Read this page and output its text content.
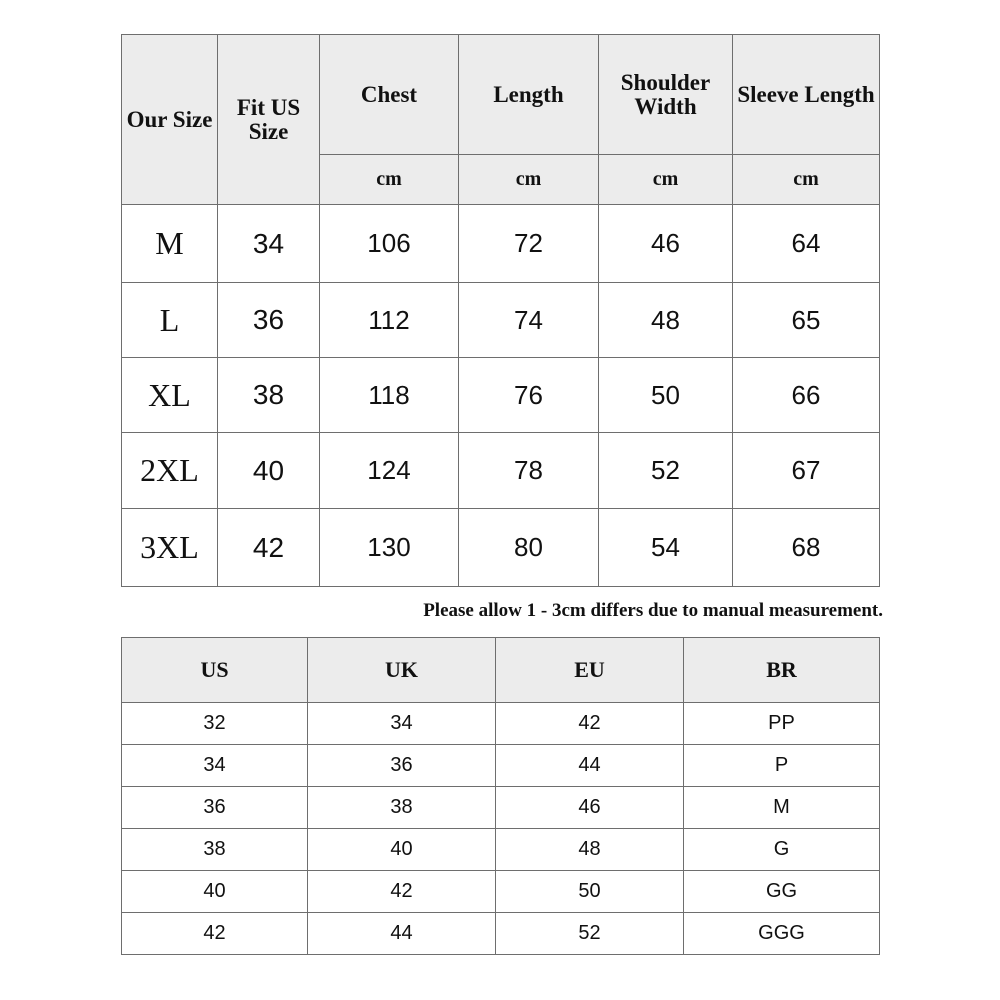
Our Size	Fit US Size	Chest	Length	Shoulder Width	Sleeve Length
		cm	cm	cm	cm
M	34	106	72	46	64
L	36	112	74	48	65
XL	38	118	76	50	66
2XL	40	124	78	52	67
3XL	42	130	80	54	68
Please allow 1 - 3cm differs due to manual measurement.
US	UK	EU	BR
32	34	42	PP
34	36	44	P
36	38	46	M
38	40	48	G
40	42	50	GG
42	44	52	GGG
